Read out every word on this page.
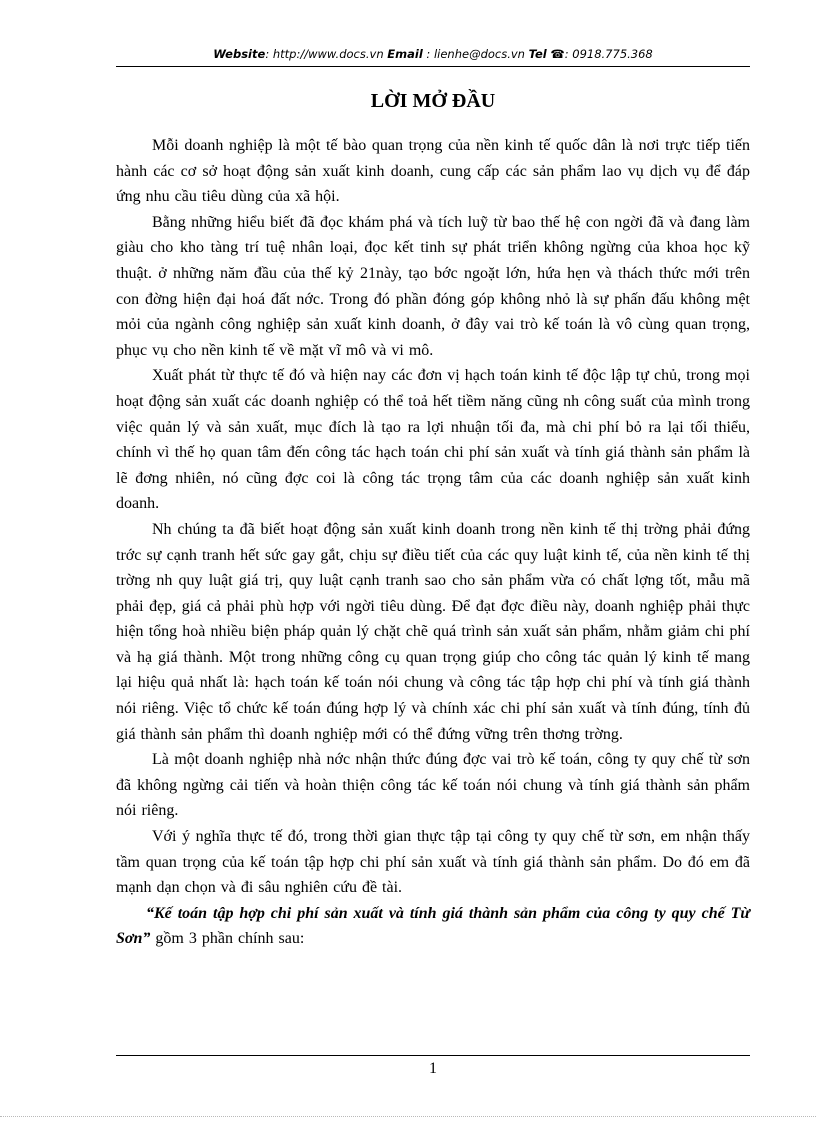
Website: http://www.docs.vn Email : lienhe@docs.vn Tel ☎: 0918.775.368
LỜI MỞ ĐẦU

Mỗi doanh nghiệp là một tế bào quan trọng của nền kinh tế quốc dân là nơi trực tiếp tiến hành các cơ sở hoạt động sản xuất kinh doanh, cung cấp các sản phẩm lao vụ dịch vụ để đáp ứng nhu cầu tiêu dùng của xã hội.

Bằng những hiểu biết đã đọc khám phá và tích luỹ từ bao thế hệ con ngời đã và đang làm giàu cho kho tàng trí tuệ nhân loại, đọc kết tinh sự phát triển không ngừng của khoa học kỹ thuật. ở những năm đầu của thế kỷ 21này, tạo bớc ngoặt lớn, hứa hẹn và thách thức mới trên con đờng hiện đại hoá đất nớc. Trong đó phần đóng góp không nhỏ là sự phấn đấu không mệt mỏi của ngành công nghiệp sản xuất kinh doanh, ở đây vai trò kế toán là vô cùng quan trọng, phục vụ cho nền kinh tế về mặt vĩ mô và vi mô.

Xuất phát từ thực tế đó và hiện nay các đơn vị hạch toán kinh tế độc lập tự chủ, trong mọi hoạt động sản xuất các doanh nghiệp có thể toả hết tiềm năng cũng nh công suất của mình trong việc quản lý và sản xuất, mục đích là tạo ra lợi nhuận tối đa, mà chi phí bỏ ra lại tối thiểu, chính vì thế họ quan tâm đến công tác hạch toán chi phí sản xuất và tính giá thành sản phẩm là lẽ đơng nhiên, nó cũng đợc coi là công tác trọng tâm của các doanh nghiệp sản xuất kinh doanh.

Nh chúng ta đã biết hoạt động sản xuất kinh doanh trong nền kinh tế thị trờng phải đứng trớc sự cạnh tranh hết sức gay gắt, chịu sự điều tiết của các quy luật kinh tế, của nền kinh tế thị trờng nh quy luật giá trị, quy luật cạnh tranh sao cho sản phẩm vừa có chất lợng tốt, mẫu mã phải đẹp, giá cả phải phù hợp với ngời tiêu dùng. Để đạt đợc điều này, doanh nghiệp phải thực hiện tổng hoà nhiều biện pháp quản lý chặt chẽ quá trình sản xuất sản phẩm, nhằm giảm chi phí và hạ giá thành. Một trong những công cụ quan trọng giúp cho công tác quản lý kinh tế mang lại hiệu quả nhất là: hạch toán kế toán nói chung và công tác tập hợp chi phí và tính giá thành nói riêng. Việc tổ chức kế toán đúng hợp lý và chính xác chi phí sản xuất và tính đúng, tính đủ giá thành sản phẩm thì doanh nghiệp mới có thể đứng vững trên thơng trờng.

Là một doanh nghiệp nhà nớc nhận thức đúng đợc vai trò kế toán, công ty quy chế từ sơn đã không ngừng cải tiến và hoàn thiện công tác kế toán nói chung và tính giá thành sản phẩm nói riêng.

Với ý nghĩa thực tế đó, trong thời gian thực tập tại công ty quy chế từ sơn, em nhận thấy tầm quan trọng của kế toán tập hợp chi phí sản xuất và tính giá thành sản phẩm. Do đó em đã mạnh dạn chọn và đi sâu nghiên cứu đề tài.

“Kế toán tập hợp chi phí sản xuất và tính giá thành sản phẩm của công ty quy chế Từ Sơn” gồm 3 phần chính sau:

1
